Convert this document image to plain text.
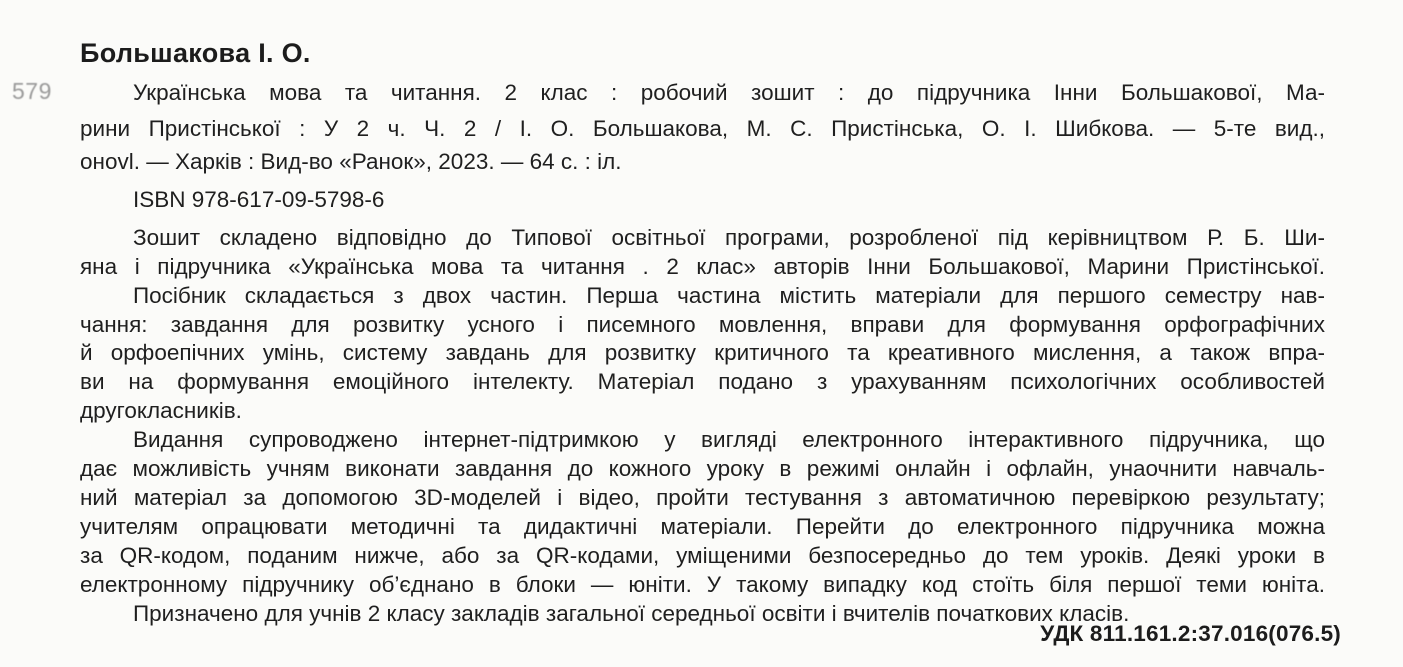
Большакова І. О.
579	Українська мова та читання. 2 клас : робочий зошит : до підручника Інни Большакової, Ма-
рини Пристінської : У 2 ч. Ч. 2 / І. О. Большакова, М. С. Пристінська, О. І. Шибкова. — 5-те вид.,
онovl. — Харків : Вид-во «Ранок», 2023. — 64 с. : іл.
ISBN 978-617-09-5798-6
Зошит складено відповідно до Типової освітньої програми, розробленої під керівництвом Р. Б. Ши-
яна і підручника «Українська мова та читання . 2 клас» авторів Інни Большакової, Марини Пристінської.
Посібник складається з двох частин. Перша частина містить матеріали для першого семестру нав-
чання: завдання для розвитку усного і писемного мовлення, вправи для формування орфографічних
й орфоепічних умінь, систему завдань для розвитку критичного та креативного мислення, а також впра-
ви на формування емоційного інтелекту. Матеріал подано з урахуванням психологічних особливостей
другокласників.
Видання супроводжено інтернет-підтримкою у вигляді електронного інтерактивного підручника, що
дає можливість учням виконати завдання до кожного уроку в режимі онлайн і офлайн, унаочнити навчаль-
ний матеріал за допомогою 3D-моделей і відео, пройти тестування з автоматичною перевіркою результату;
учителям опрацювати методичні та дидактичні матеріали. Перейти до електронного підручника можна
за QR-кодом, поданим нижче, або за QR-кодами, уміщеними безпосередньо до тем уроків. Деякі уроки в
електронному підручнику об’єднано в блоки — юніти. У такому випадку код стоїть біля першої теми юніта.
Призначено для учнів 2 класу закладів загальної середньої освіти і вчителів початкових класів.
УДК 811.161.2:37.016(076.5)
